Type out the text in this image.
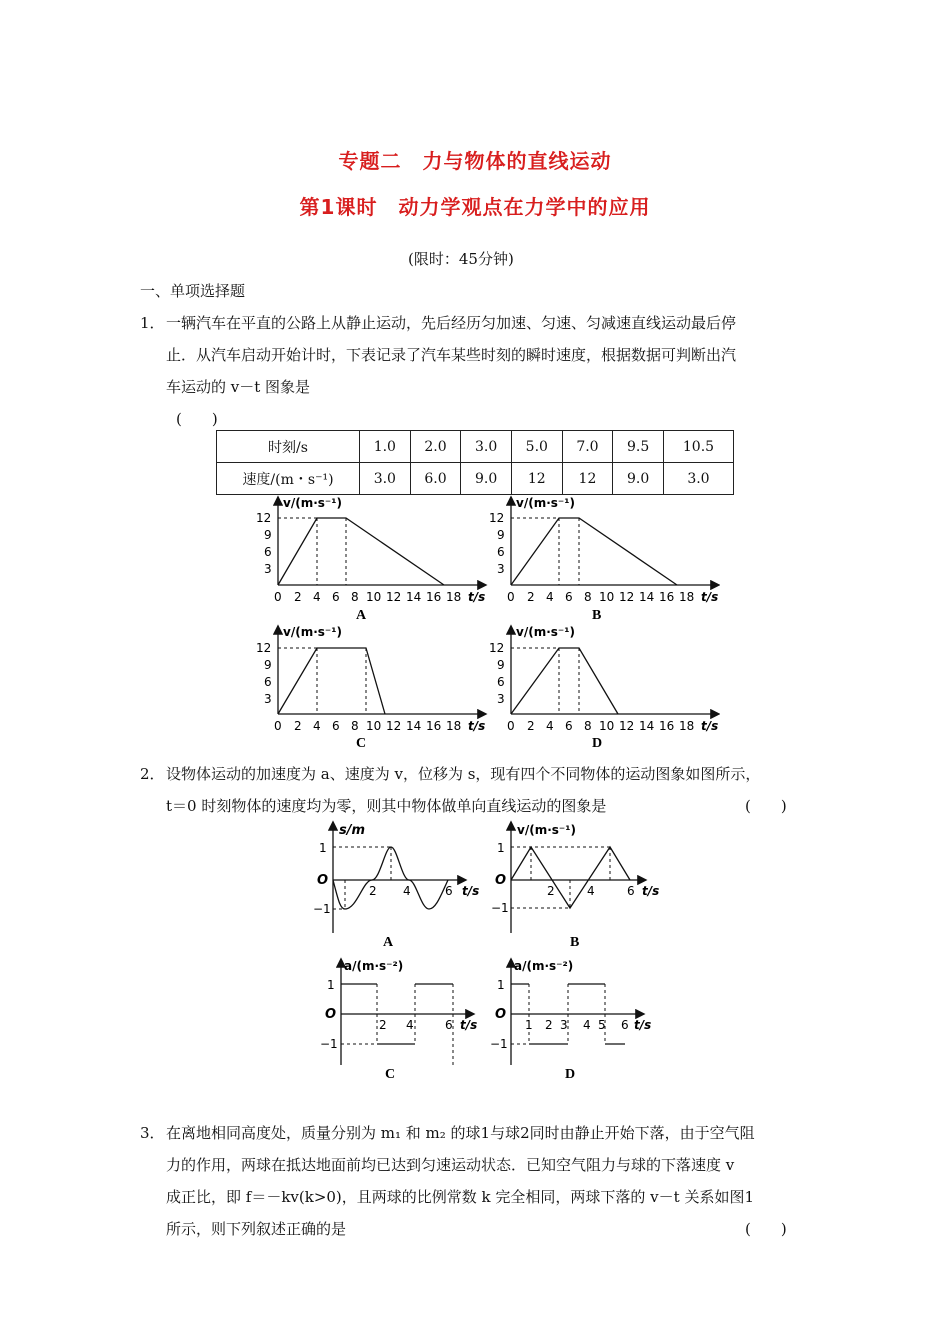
专题二　力与物体的直线运动
第1课时　动力学观点在力学中的应用
(限时：45分钟)
一、单项选择题
1． 一辆汽车在平直的公路上从静止运动，先后经历匀加速、匀速、匀减速直线运动最后停
止．从汽车启动开始计时，下表记录了汽车某些时刻的瞬时速度，根据数据可判断出汽
车运动的 v－t 图象是
(　　)
时刻/s	1.0	2.0	3.0	5.0	7.0	9.5	10.5
速度/(m・s⁻¹)	3.0	6.0	9.0	12	12	9.0	3.0
v/(m·s⁻¹)
12
9
6
3
0 2 4 6 8 10 12 14 16 18 t/s
A
v/(m·s⁻¹)
12
9
6
3
0 2 4 6 8 10 12 14 16 18 t/s
B
v/(m·s⁻¹)
12
9
6
3
0 2 4 6 8 10 12 14 16 18 t/s
C
v/(m·s⁻¹)
12
9
6
3
0 2 4 6 8 10 12 14 16 18 t/s
D
2． 设物体运动的加速度为 a、速度为 v，位移为 s，现有四个不同物体的运动图象如图所示，
t＝0 时刻物体的速度均为零，则其中物体做单向直线运动的图象是	(　　)
s/m
1
−1
O
2 4	6 t/s
A
v/(m·s⁻¹)
1
−1
O
2	4	6 t/s
B
a/(m·s⁻²)
1
−1
O
2 4	6 t/s
C
a/(m·s⁻²)
1
−1
O
1 2 3 4 5 6 t/s
D
3． 在离地相同高度处，质量分别为 m₁ 和 m₂ 的球1与球2同时由静止开始下落，由于空气阻
力的作用，两球在抵达地面前均已达到匀速运动状态．已知空气阻力与球的下落速度 v
成正比，即 f＝－kv(k>0)，且两球的比例常数 k 完全相同，两球下落的 v－t 关系如图1
所示，则下列叙述正确的是	(　　)
